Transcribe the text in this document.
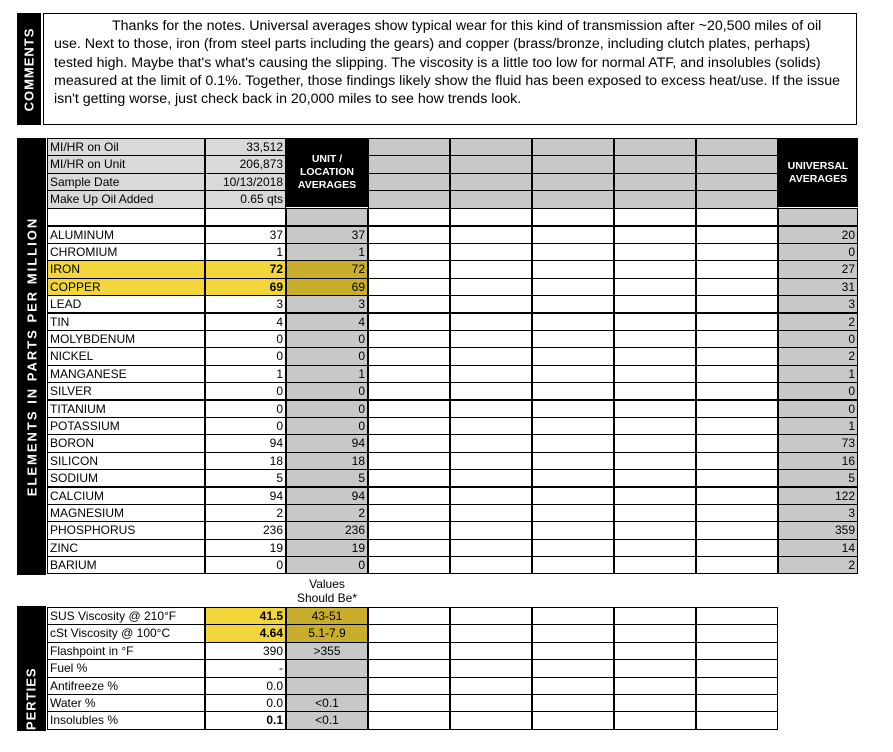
COMMENTS
Thanks for the notes. Universal averages show typical wear for this kind of transmission after ~20,500 miles of oil use. Next to those, iron (from steel parts including the gears) and copper (brass/bronze, including clutch plates, perhaps) tested high. Maybe that's what's causing the slipping. The viscosity is a little too low for normal ATF, and insolubles (solids) measured at the limit of 0.1%. Together, those findings likely show the fluid has been exposed to excess heat/use. If the issue isn't getting worse, just check back in 20,000 miles to see how trends look.
ELEMENTS IN PARTS PER MILLION
ROPERTIES
MI/HR on Oil	33,512
MI/HR on Unit	206,873
Sample Date	10/13/2018
Make Up Oil Added	0.65 qts
ALUMINUM	37	37	20
CHROMIUM	1	1	0
IRON	72	72	27
COPPER	69	69	31
LEAD	3	3	3
TIN	4	4	2
MOLYBDENUM	0	0	0
NICKEL	0	0	2
MANGANESE	1	1	1
SILVER	0	0	0
TITANIUM	0	0	0
POTASSIUM	0	0	1
BORON	94	94	73
SILICON	18	18	16
SODIUM	5	5	5
CALCIUM	94	94	122
MAGNESIUM	2	2	3
PHOSPHORUS	236	236	359
ZINC	19	19	14
BARIUM	0	0	2
SUS Viscosity @ 210°F	41.5	43-51
cSt Viscosity @ 100°C	4.64	5.1-7.9
Flashpoint in °F	390	>355
Fuel %	-
Antifreeze %	0.0
Water %	0.0	<0.1
Insolubles %	0.1	<0.1
UNIT / LOCATION AVERAGES
UNIVERSAL AVERAGES
Values
Should Be*
